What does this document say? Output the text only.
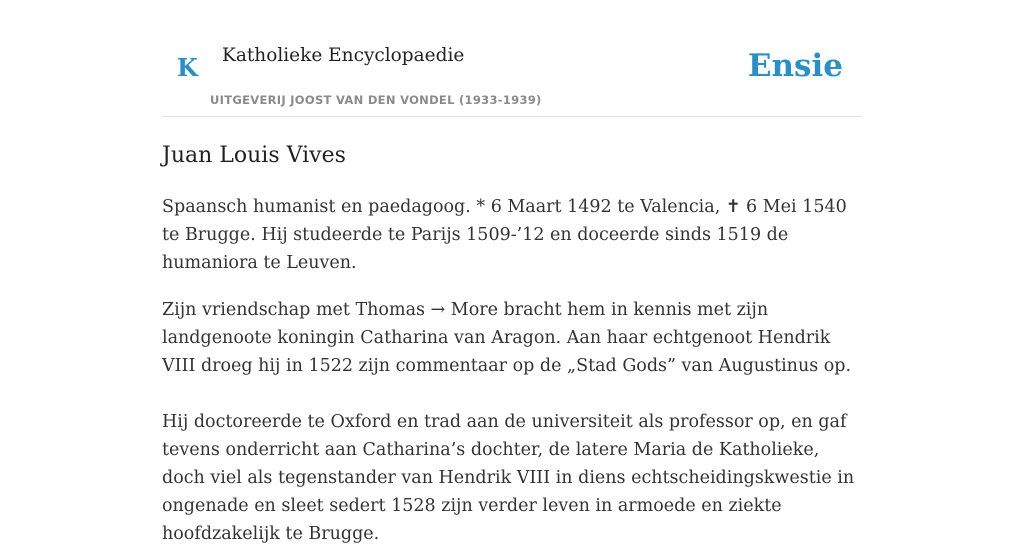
K Katholieke Encyclopaedie
UITGEVERIJ JOOST VAN DEN VONDEL (1933-1939)
Ensie
Juan Louis Vives

Spaansch humanist en paedagoog. * 6 Maart 1492 te Valencia, ✝ 6 Mei 1540 te Brugge. Hij studeerde te Parijs 1509-’12 en doceerde sinds 1519 de humaniora te Leuven.

Zijn vriendschap met Thomas → More bracht hem in kennis met zijn landgenoote koningin Catharina van Aragon. Aan haar echtgenoot Hendrik VIII droeg hij in 1522 zijn commentaar op de „Stad Gods” van Augustinus op.

Hij doctoreerde te Oxford en trad aan de universiteit als professor op, en gaf tevens onderricht aan Catharina’s dochter, de latere Maria de Katholieke, doch viel als tegenstander van Hendrik VIII in diens echtscheidingskwestie in ongenade en sleet sedert 1528 zijn verder leven in armoede en ziekte hoofdzakelijk te Brugge.
